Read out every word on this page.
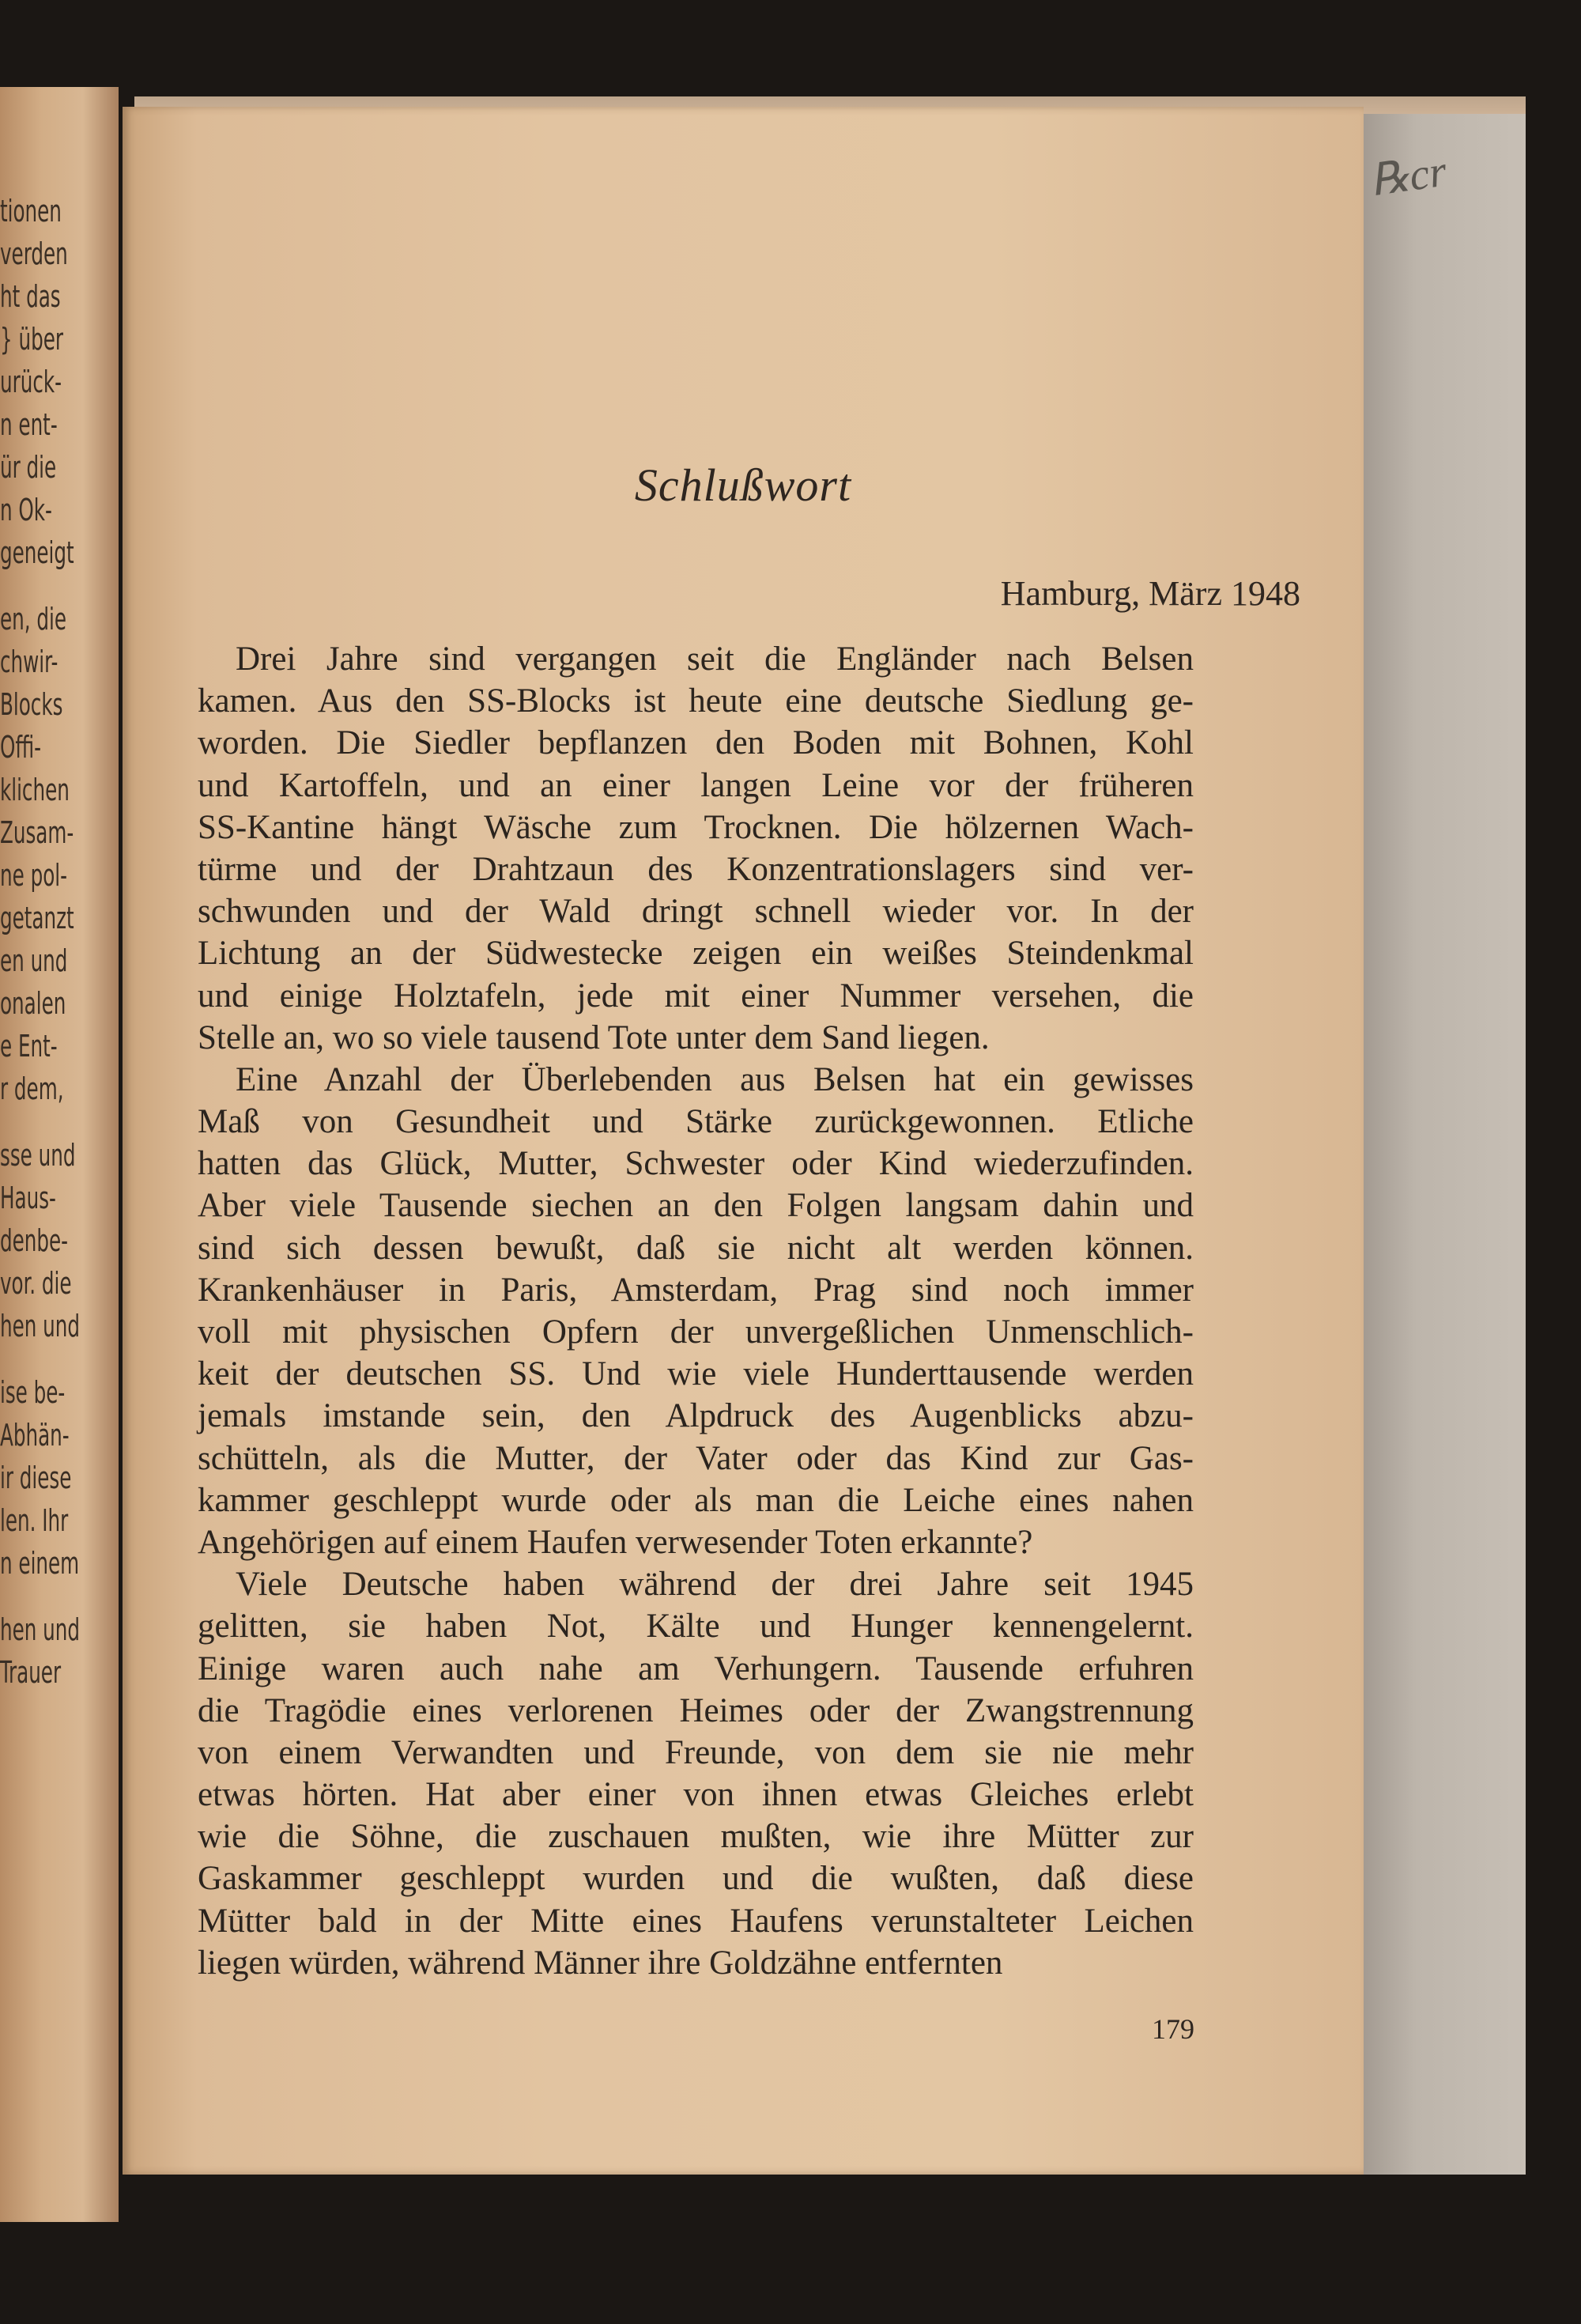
tionen
verden
ht das
} über
urück-
n ent-
ür die
n Ok-
geneigt
en, die
chwir-
Blocks
Offi-
klichen
Zusam-
ne pol-
getanzt
en und
onalen
e Ent-
r dem,
sse und
Haus-
denbe-
vor. die
hen und
ise be-
Abhän-
ir diese
len. Ihr
n einem
hen und
Trauer
℞cr
Schlußwort
Hamburg, März 1948
Drei Jahre sind vergangen seit die Engländer nach Belsen
kamen. Aus den SS-Blocks ist heute eine deutsche Siedlung ge-
worden. Die Siedler bepflanzen den Boden mit Bohnen, Kohl
und Kartoffeln, und an einer langen Leine vor der früheren
SS-Kantine hängt Wäsche zum Trocknen. Die hölzernen Wach-
türme und der Drahtzaun des Konzentrationslagers sind ver-
schwunden und der Wald dringt schnell wieder vor. In der
Lichtung an der Südwestecke zeigen ein weißes Steindenkmal
und einige Holztafeln, jede mit einer Nummer versehen, die
Stelle an, wo so viele tausend Tote unter dem Sand liegen.
Eine Anzahl der Überlebenden aus Belsen hat ein gewisses
Maß von Gesundheit und Stärke zurückgewonnen. Etliche
hatten das Glück, Mutter, Schwester oder Kind wiederzufinden.
Aber viele Tausende siechen an den Folgen langsam dahin und
sind sich dessen bewußt, daß sie nicht alt werden können.
Krankenhäuser in Paris, Amsterdam, Prag sind noch immer
voll mit physischen Opfern der unvergeßlichen Unmenschlich-
keit der deutschen SS. Und wie viele Hunderttausende werden
jemals imstande sein, den Alpdruck des Augenblicks abzu-
schütteln, als die Mutter, der Vater oder das Kind zur Gas-
kammer geschleppt wurde oder als man die Leiche eines nahen
Angehörigen auf einem Haufen verwesender Toten erkannte?
Viele Deutsche haben während der drei Jahre seit 1945
gelitten, sie haben Not, Kälte und Hunger kennengelernt.
Einige waren auch nahe am Verhungern. Tausende erfuhren
die Tragödie eines verlorenen Heimes oder der Zwangstrennung
von einem Verwandten und Freunde, von dem sie nie mehr
etwas hörten. Hat aber einer von ihnen etwas Gleiches erlebt
wie die Söhne, die zuschauen mußten, wie ihre Mütter zur
Gaskammer geschleppt wurden und die wußten, daß diese
Mütter bald in der Mitte eines Haufens verunstalteter Leichen
liegen würden, während Männer ihre Goldzähne entfernten
179
